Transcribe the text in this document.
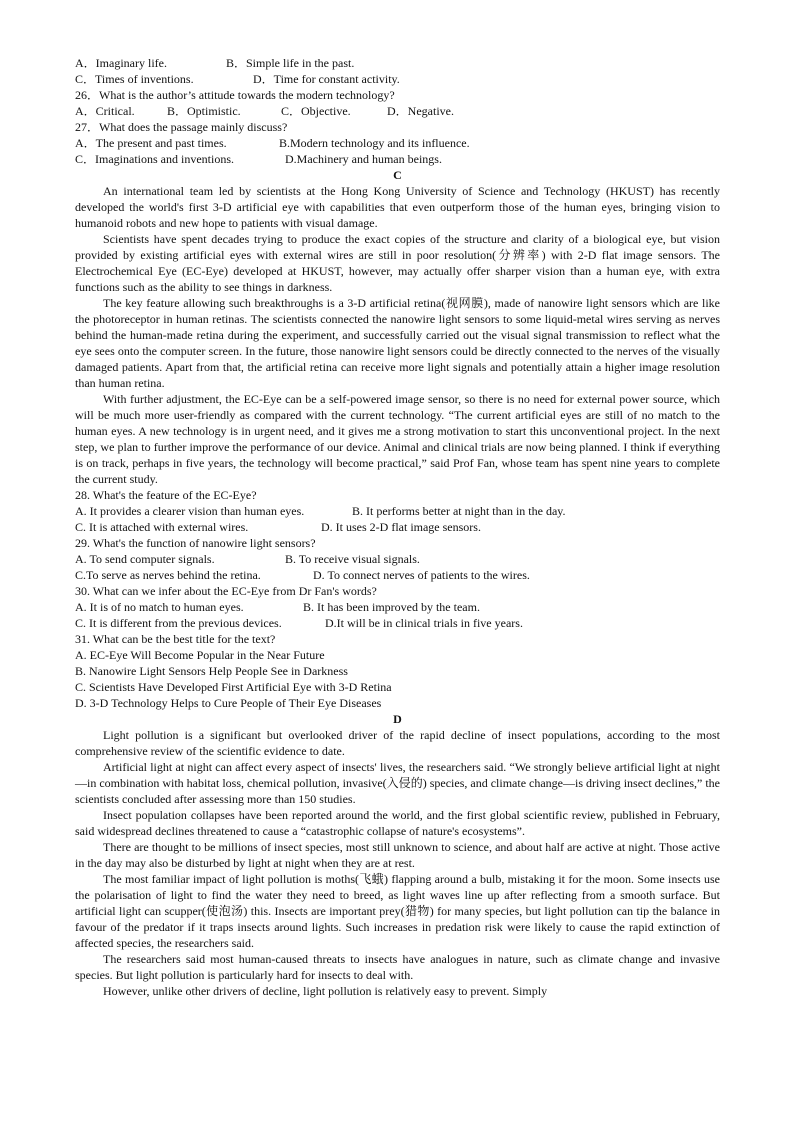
A．Imaginary life.	B．Simple life in the past.
C．Times of inventions.	D．Time for constant activity.
26．What is the author’s attitude towards the modern technology?
A．Critical.	B．Optimistic.	C．Objective.	D．Negative.
27．What does the passage mainly discuss?
A．The present and past times.	B.Modern technology and its influence.
C．Imaginations and inventions.	D.Machinery and human beings.
C

An international team led by scientists at the Hong Kong University of Science and Technology (HKUST) has recently developed the world's first 3-D artificial eye with capabilities that even outperform those of the human eyes, bringing vision to humanoid robots and new hope to patients with visual damage.

Scientists have spent decades trying to produce the exact copies of the structure and clarity of a biological eye, but vision provided by existing artificial eyes with external wires are still in poor resolution(分辨率) with 2-D flat image sensors. The Electrochemical Eye (EC-Eye) developed at HKUST, however, may actually offer sharper vision than a human eye, with extra functions such as the ability to see things in darkness.

The key feature allowing such breakthroughs is a 3-D artificial retina(视网膜), made of nanowire light sensors which are like the photoreceptor in human retinas. The scientists connected the nanowire light sensors to some liquid-metal wires serving as nerves behind the human-made retina during the experiment, and successfully carried out the visual signal transmission to reflect what the eye sees onto the computer screen. In the future, those nanowire light sensors could be directly connected to the nerves of the visually damaged patients. Apart from that, the artificial retina can receive more light signals and potentially attain a higher image resolution than human retina.

With further adjustment, the EC-Eye can be a self-powered image sensor, so there is no need for external power source, which will be much more user-friendly as compared with the current technology. “The current artificial eyes are still of no match to the human eyes. A new technology is in urgent need, and it gives me a strong motivation to start this unconventional project. In the next step, we plan to further improve the performance of our device. Animal and clinical trials are now being planned. I think if everything is on track, perhaps in five years, the technology will become practical,” said Prof Fan, whose team has spent nine years to complete the current study.

28. What's the feature of the EC-Eye?

A. It provides a clearer vision than human eyes.	B. It performs better at night than in the day.
C. It is attached with external wires.	D. It uses 2-D flat image sensors.

29. What's the function of nanowire light sensors?

A. To send computer signals.	B. To receive visual signals.
C.To serve as nerves behind the retina.	D. To connect nerves of patients to the wires.

30. What can we infer about the EC-Eye from Dr Fan's words?

A. It is of no match to human eyes.	B. It has been improved by the team.
C. It is different from the previous devices.	D.It will be in clinical trials in five years.

31. What can be the best title for the text?

A. EC-Eye Will Become Popular in the Near Future
B. Nanowire Light Sensors Help People See in Darkness
C. Scientists Have Developed First Artificial Eye with 3-D Retina
D. 3-D Technology Helps to Cure People of Their Eye Diseases
D

Light pollution is a significant but overlooked driver of the rapid decline of insect populations, according to the most comprehensive review of the scientific evidence to date.

Artificial light at night can affect every aspect of insects' lives, the researchers said. “We strongly believe artificial light at night—in combination with habitat loss, chemical pollution, invasive(入侵的) species, and climate change—is driving insect declines,” the scientists concluded after assessing more than 150 studies.

Insect population collapses have been reported around the world, and the first global scientific review, published in February, said widespread declines threatened to cause a “catastrophic collapse of nature's ecosystems”.

There are thought to be millions of insect species, most still unknown to science, and about half are active at night. Those active in the day may also be disturbed by light at night when they are at rest.

The most familiar impact of light pollution is moths(飞蛾) flapping around a bulb, mistaking it for the moon. Some insects use the polarisation of light to find the water they need to breed, as light waves line up after reflecting from a smooth surface. But artificial light can scupper(使泡汤) this. Insects are important prey(猎物) for many species, but light pollution can tip the balance in favour of the predator if it traps insects around lights. Such increases in predation risk were likely to cause the rapid extinction of affected species, the researchers said.

The researchers said most human-caused threats to insects have analogues in nature, such as climate change and invasive species. But light pollution is particularly hard for insects to deal with.

However, unlike other drivers of decline, light pollution is relatively easy to prevent. Simply
